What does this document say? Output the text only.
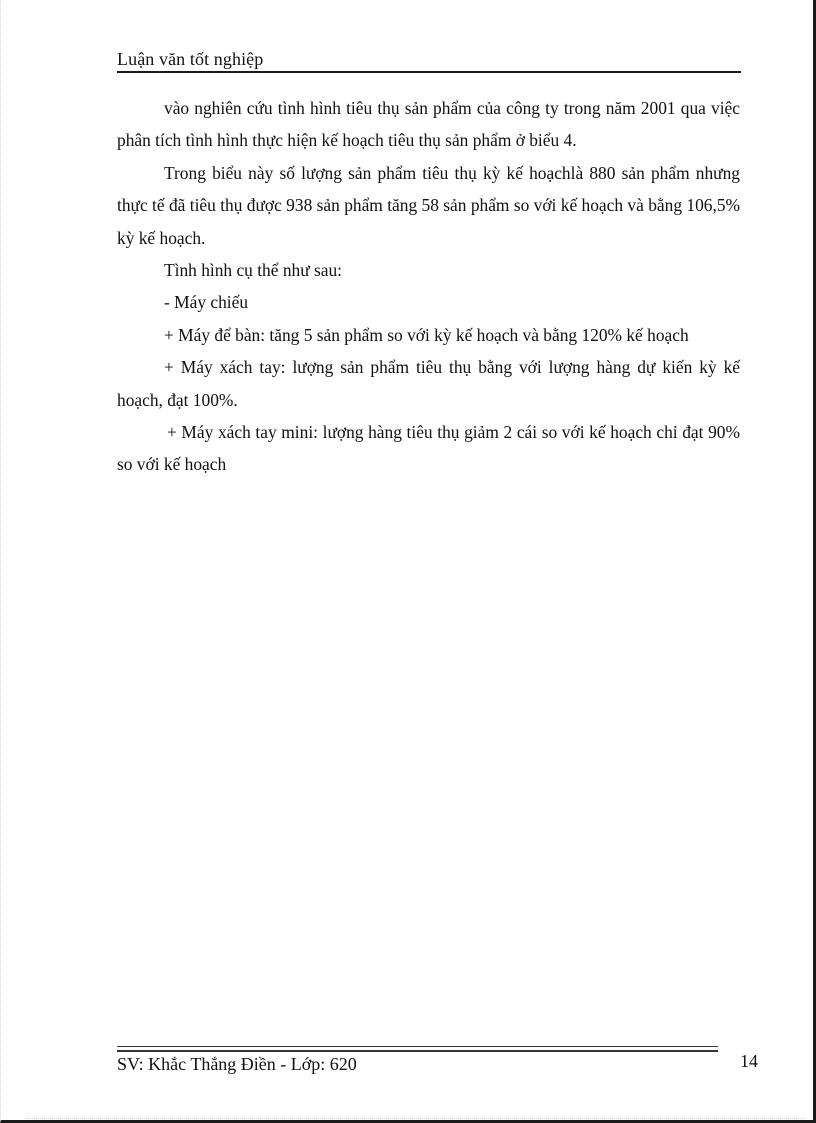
Luận văn tốt nghiệp

vào nghiên cứu tình hình tiêu thụ sản phẩm của công ty trong năm 2001 qua việc phân tích tình hình thực hiện kế hoạch tiêu thụ sản phẩm ở biểu 4.

Trong biểu này số lượng sản phẩm tiêu thụ kỳ kế hoạchlà 880 sản phẩm nhưng thực tế đã tiêu thụ được 938 sản phẩm tăng 58 sản phẩm so với kế hoạch và bằng 106,5% kỳ kế hoạch.

Tình hình cụ thể như sau:

- Máy chiếu

+ Máy để bàn: tăng 5 sản phẩm so với kỳ kế hoạch và bằng 120% kế hoạch

+ Máy xách tay: lượng sản phẩm tiêu thụ bằng với lượng hàng dự kiến kỳ kế hoạch, đạt 100%.

+ Máy xách tay mini: lượng hàng tiêu thụ giảm 2 cái so với kế hoạch chỉ đạt 90% so với kế hoạch

SV: Khắc Thắng Điền - Lớp: 620	14
